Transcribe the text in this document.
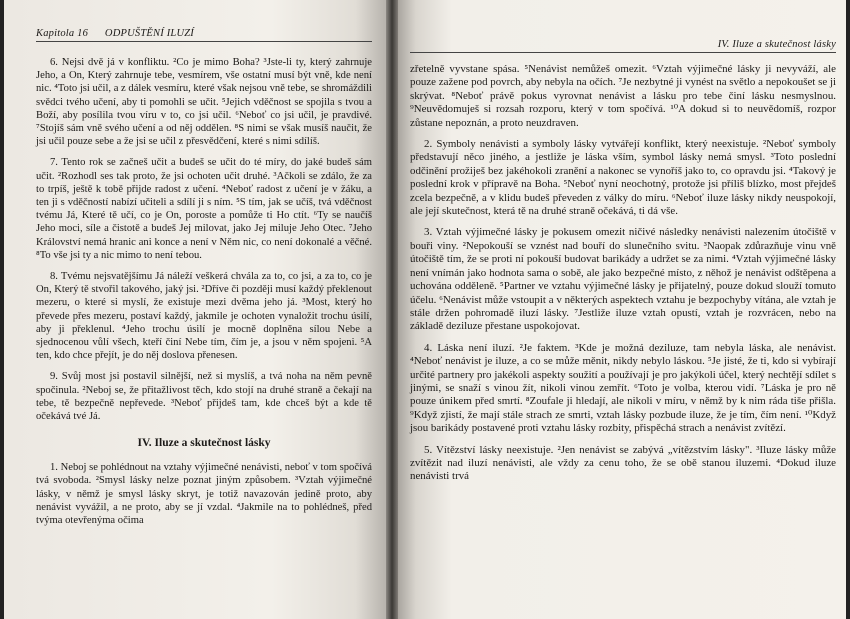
Kapitola 16 ODPUŠTĚNÍ ILUZÍ

6. Nejsi dvě já v konfliktu. ²Co je mimo Boha? ³Jste-li ty, který zahrnuje Jeho, a On, Který zahrnuje tebe, vesmírem, vše ostatní musí být vně, kde není nic. ⁴Toto jsi učil, a z dálek vesmíru, které však nejsou vně tebe, se shromáždili svědci tvého učení, aby ti pomohli se učit. ⁵Jejich vděčnost se spojila s tvou a Boží, aby posílila tvou víru v to, co jsi učil. ⁶Neboť co jsi učil, je pravdivé. ⁷Stojíš sám vně svého učení a od něj oddělen. ⁸S nimi se však musíš naučit, že jsi učil pouze sebe a že jsi se učil z přesvědčení, které s nimi sdílíš.

7. Tento rok se začneš učit a budeš se učit do té míry, do jaké budeš sám učit. ²Rozhodl ses tak proto, že jsi ochoten učit druhé. ³Ačkoli se zdálo, že za to trpíš, ještě k tobě přijde radost z učení. ⁴Neboť radost z učení je v žáku, a ten ji s vděčností nabízí učiteli a sdílí ji s ním. ⁵S tím, jak se učíš, tvá vděčnost tvému Já, Které tě učí, co je On, poroste a pomůže ti Ho ctít. ⁶Ty se naučíš Jeho moci, síle a čistotě a budeš Jej milovat, jako Jej miluje Jeho Otec. ⁷Jeho Království nemá hranic ani konce a není v Něm nic, co není dokonalé a věčné. ⁸To vše jsi ty a nic mimo to není tebou.

8. Tvému nejsvatějšímu Já náleží veškerá chvála za to, co jsi, a za to, co je On, Který tě stvořil takového, jaký jsi. ²Dříve či později musí každý překlenout mezeru, o které si myslí, že existuje mezi dvěma jeho já. ³Most, který ho převede přes mezeru, postaví každý, jakmile je ochoten vynaložit trochu úsilí, aby ji překlenul. ⁴Jeho trochu úsilí je mocně doplněna sílou Nebe a sjednocenou vůlí všech, kteří činí Nebe tím, čím je, a jsou v něm spojeni. ⁵A ten, kdo chce přejít, je do něj doslova přenesen.

9. Svůj most jsi postavil silnější, než si myslíš, a tvá noha na něm pevně spočinula. ²Neboj se, že přitažlivost těch, kdo stojí na druhé straně a čekají na tebe, tě bezpečně nepřevede. ³Neboť přijdeš tam, kde chceš být a kde tě očekává tvé Já.

IV. Iluze a skutečnost lásky

1. Neboj se pohlédnout na vztahy výjimečné nenávisti, neboť v tom spočívá tvá svoboda. ²Smysl lásky nelze poznat jiným způsobem. ³Vztah výjimečné lásky, v němž je smysl lásky skryt, je totiž navazován jedině proto, aby nenávist vyvážil, a ne proto, aby se jí vzdal. ⁴Jakmile na to pohlédneš, před tvýma otevřenýma očima

IV. Iluze a skutečnost lásky

zřetelně vyvstane spása. ⁵Nenávist nemůžeš omezit. ⁶Vztah výjimečné lásky ji nevyváží, ale pouze zažene pod povrch, aby nebyla na očích. ⁷Je nezbytné ji vynést na světlo a nepokoušet se ji skrývat. ⁸Neboť právě pokus vyrovnat nenávist a lásku pro tebe činí lásku nesmyslnou. ⁹Neuvědomuješ si rozsah rozporu, který v tom spočívá. ¹⁰A dokud si to neuvědomíš, rozpor zůstane nepoznán, a proto neuzdraven.

2. Symboly nenávisti a symboly lásky vytvářejí konflikt, který neexistuje. ²Neboť symboly představují něco jiného, a jestliže je láska vším, symbol lásky nemá smysl. ³Toto poslední odčinění prožiješ bez jakéhokoli zranění a nakonec se vynoříš jako to, co opravdu jsi. ⁴Takový je poslední krok v přípravě na Boha. ⁵Neboť nyní neochotný, protože jsi příliš blízko, most přejdeš zcela bezpečně, a v klidu budeš převeden z války do míru. ⁶Neboť iluze lásky nikdy neuspokojí, ale její skutečnost, která tě na druhé straně očekává, ti dá vše.

3. Vztah výjimečné lásky je pokusem omezit ničivé následky nenávisti nalezením útočiště v bouři viny. ²Nepokouší se vznést nad bouří do slunečního svitu. ³Naopak zdůrazňuje vinu vně útočiště tím, že se proti ní pokouší budovat barikády a udržet se za nimi. ⁴Vztah výjimečné lásky není vnímán jako hodnota sama o sobě, ale jako bezpečné místo, z něhož je nenávist odštěpena a uchována odděleně. ⁵Partner ve vztahu výjimečné lásky je přijatelný, pouze dokud slouží tomuto účelu. ⁶Nenávist může vstoupit a v některých aspektech vztahu je bezpochyby vítána, ale vztah je stále držen pohromadě iluzí lásky. ⁷Jestliže iluze vztah opustí, vztah je rozvrácen, nebo na základě deziluze přestane uspokojovat.

4. Láska není iluzí. ²Je faktem. ³Kde je možná deziluze, tam nebyla láska, ale nenávist. ⁴Neboť nenávist je iluze, a co se může měnit, nikdy nebylo láskou. ⁵Je jisté, že ti, kdo si vybírají určité partnery pro jakékoli aspekty soužití a používají je pro jakýkoli účel, který nechtějí sdílet s jinými, se snaží s vinou žít, nikoli vinou zemřít. ⁶Toto je volba, kterou vidí. ⁷Láska je pro ně pouze únikem před smrtí. ⁸Zoufale ji hledají, ale nikoli v míru, v němž by k nim ráda tiše přišla. ⁹Když zjistí, že mají stále strach ze smrti, vztah lásky pozbude iluze, že je tím, čím není. ¹⁰Když jsou barikády postavené proti vztahu lásky rozbity, přispěchá strach a nenávist zvítězí.

5. Vítězství lásky neexistuje. ²Jen nenávist se zabývá „vítězstvím lásky". ³Iluze lásky může zvítězit nad iluzí nenávisti, ale vždy za cenu toho, že se obě stanou iluzemi. ⁴Dokud iluze nenávisti trvá
